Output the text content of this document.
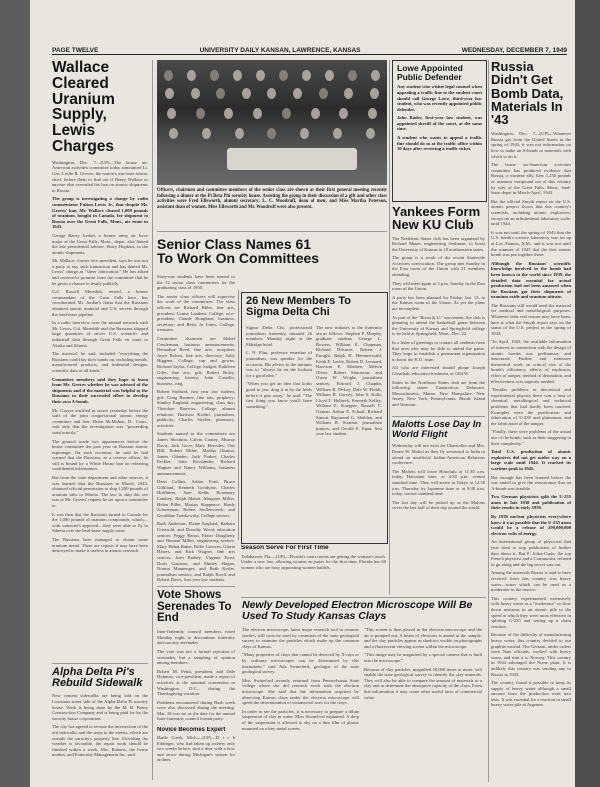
PAGE TWELVE	UNIVERSITY DAILY KANSAN, LAWRENCE, KANSAS	WEDNESDAY, DECEMBER 7, 1949
Wallace Cleared Uranium Supply, Lewis Charges

Washington, Dec. 7—(UP)—The house un-American activities committee today announced Lt. Gen. Leslie R. Groves, the nation's war-time atomic chief, before them to find out if Henry Wallace or anyone else overruled his ban on atomic shipments to Russia.

The group is investigating a charge by radio commentator Fulton Lewis Jr., that despite Mr. Groves' ban, Mr. Wallace cleared 1,000 pounds of uranium, bought in Canada, for shipment to Russia over the Great Falls, Mont., air route in 1943.

George Racey Jordan, a former army air force major at the Great Falls, Mont., depot, also linked the late presidential adviser, Harry Hopkins, to the atomic shipments.

Mr. Wallace, former vice president, says he was not a party to any such transaction and has denied Mr. Lewis' charge as "sheer fabrication." He has asked and received a promise from the committee that he be given a chance to testify publicly.

Col. Russell Meredith, retired, a former commandant of the Great Falls base, has corroborated Mr. Jordan's claim that the Russians obtained atomic material and U.S. secrets through the lend-lease pipeline.

In a radio interview over the mutual network with Mr. Lewis, Col. Meredith said the Russians shipped large quantities of secret U.S. scientific and industrial data through Great Falls en route to Alaska and Siberia.

The material, he said, included "everything the Russians could lay their hands on, including metals, manufactured products, and industrial designs, scientific data of all kinds."

Committee members said they hope to learn from Mr. Groves whether he was advised of the shipments and if the material was helpful to the Russians in their successful effort to develop their own A-bomb.

Mr. Groves testified in secret yesterday before the staff of the joint congressional atomic energy committee and Sen. Brien McMahon, D., Conn., said only that the investigation was "proceeding satisfactorily."

The general made two appearances before the house committee the past year on Russian atomic espionage. On each occasion, he said he had warned that the Russians, as a reserve officer, he still is bound by a White House ban on releasing confidential information.

But from the state department and other sources, it was learned that the Russians in March, 1943, obtained official permission to ship 1,200 pounds of uranium salts to Siberia. The law to ship this ore was at Mr. Groves' request he set upon a committee to.

It was then that the Russians turned to Canada for the 1,000 pounds of uranium compounds, which—with someone's approval—they were able to fly to Siberia over the lend-lease supply route.

The Russians later managed to obtain some uranium metal. There are reports it may have been destroyed to make it useless in atomic research.

Alpha Delta Pi's Rebuild Sidewalk

New cement sidewalks are being laid on the Louisiana street side of the Alpha Delta Pi sorority house. Work is being done by the M. B. Penny Construction Company and is being paid for by the sorority house corporation.

The city has agreed to reroute the intersection of the old sidewalks and the steps to the streets, which are outside the sorority's property line. Providing the weather is favorable, the repair work should be finished within a week, Mrs. Roberts, the house mother, and Fraternity Management Inc. said.

Officers, chairmen and committee members of the senior class are shown at their first general meeting recently following a dinner at the Pi Beta Phi sorority house. Assisting the group in their discussion of a gift and other class activities were Fred Ellsworth, alumni secretary; L. C. Woodruff, dean of men; and Miss Martha Peterson, assistant dean of women. Miss Ellsworth and Mr. Woodruff were also present.

Senior Class Names 61 To Work On Committees

Sixty-one students have been named to the 12 senior class committees for the graduating class of 1950.

The senior class officers will supervise the work of the committees. The class officers are Richard Bliler, fine arts, president; Louise Lambert, College, vice-president; Claude Houghton, business, secretary; and Betty Jo Jones, College, treasurer.

Committee chairmen are Mabel Cenderman, business announcements; Bernadine Reed, fine arts, reception; Joyce Robert, fine arts, directory; Sally Higgens, College, cap and gowns; Richard Taylor, College, budget; Kathleen Giles, fine arts, gift; Robert Boley, engineering, history; John Costello, business, ring.

Robert Stofford, first year law student, gift; Craig Baumer, fine arts, prophecy; Stanley England, engineering, class day; Theodore Barrows, College, alumni relations; Harrison Koehn, journalism, publicity; Charles Stryker, pharmacy, activities.

Students named to the committees are James Stockton, Calvin Causey, Murray Davis, Jack Gove, Mary Hercules, Otis Hill, Robert Milne, Martha Ottmon, James Olander, Jack Parker, Charles Peckler, John Rosslander, Richard Wagner and Nancy Williams, business announcements.

Dean Collins, Arthur Ford, Bruce Gilliland, Kenneth Goodyear, Charles Hoffhines, Jane Keith, Rosemary Landrey, Ralph Malott, Margaret Miller, Helen Piller, Marian Slappence, Hardy Schoenman, Robert Stollenwerck, and Geraldine Trankowsky, College seniors.

Ruth Anderson, Elaine England, Barbara Griswold, and Dorothy Wood, education seniors; Peggy Baron, Elmer Dougherty and Herman Miller, engineering seniors; Mary Helen Baker, Billie Greaves, Gloria Hawes, and Kirk Wagner, fine arts seniors; Joan Brahey, Virginia Frost, Doris Garrison, and Shirley Hogan, Norma Mannenger, and Ruth Keifer, journalism seniors; and Ralph Brock and Robert Davis, first year law students.

Vote Shows Serenades To End

Inter-fraternity council members voted Monday night to discontinue fraternity and sorority serenades.

The vote was not a formal rejection of serenades, but a sampling of opinion among members.

Robert M. Pettit, president, and Dale Hohman, vice-president, made a report of activities at the national convention in Washington, D.C., during the Thanksgiving vacation.

Problems encountered during Rush week were also discussed during the meeting. Mar. 18 was set as the date for the annual Inter-fraternity council formal party.

Novice Becomes Expert

Battle Creek, Mich.—(UP)—D i c k Eddinger, who had taken up archery only two weeks before, shot a deer with a bow and arrow during Michigan's season for archers.

26 New Members To Sigma Delta Chi

Sigma Delta Chi, professional journalism fraternity, initiated 26 members Monday night at the Eldridge hotel.

L. N. Flint, professor emeritus of journalism, was speaker for the occasion. His advice to the initiates was to "always be on the lookout for a good idea."

"When you get an idea that looks good to you, drag it in by the heels before it gets away," he said. "The first thing you know you'll have something."

The new initiates to the fraternity are as follows: Stephen P. Murphy, graduate student; George L. Bowers, William E. Chapman, Richard Dilsaver, Robert J. Enright, Ralph H. Hemmerwald, Keith E. Leslie, Robert D. Leonard, Harrison E. Menken, Melvin Oliver, Robert Simonson, and Owen W. Wright, journalism seniors; Edward J. Chaplin, William R. DeLay, Dale W. Fields, William R. Garvey, John S. Kollr, Lloyd T. Holbeck, Kenneth Kelley, William E. Knepper, Russell C. Oxman, Arthur E. Schaaf, Richard Simon, Raymond G. Sheldon, and William B. Stratton, journalism juniors; and Gerald E. Egan, first year law student.

Season Serve For First Time

Tallahassee, Fla.—(UP)—Florida's court rooms are getting the woman's touch. Under a new law, allowing women on juries for the first time, Florida has 60 women who are busy appointing women bailiffs.

Newly Developed Electron Microscope Will Be Used To Study Kansas Clays

The electron microscope, latest major research tool in ceramic studies, will soon be used by ceramists of the state geological survey to examine the particles which make up the common clays of Kansas.

"Many properties of clays that cannot be detected by X-rays or by ordinary microscopes can be determined by this instrument," said Ada Swineford, geologist of the state geological survey.

Miss Swineford recently returned from Pennsylvania State college where she did research work with the electron microscope. She said that the information acquired by observing Kansas clays under the electron microscope will speed the determination of commercial uses for the clays.

In order to see the particles, it is necessary to prepare a dilute suspension of clay in water. Miss Swineford explained. A drop of the suspension is allowed to dry on a thin film of plastic mounted on a tiny metal screen.

"This screen is then placed in the electron microscope and the air is pumped out. A beam of electrons is aimed at the sample, and the clay particles appear as shadows visible on photographs and a fluorescent viewing screen within the microscope.

"This image may be magnified by a special camera that is built into the microscope."

Because of clay particles, magnified 50,000 times or more, will enable the state geological survey to identify the clay minerals. They will also be able to compare the amount of materials in a clay and to determine the absorptive capacity of the clays. From this information it may come other useful facts of commercial value.

Lowe Appointed Public Defender

Any student who wishes legal counsel when appealing a traffic fine to the student court should call George Lowe, third-year law student, who was recently appointed public defender.

John Rader, first-year law student, was appointed sheriff of the court, at the same time.

A student who wants to appeal a traffic fine should do so at the traffic office within 10 days after receiving a traffic ticket.

Yankees Form New KU Club

The Northeast States club has been organized by Richard Mauer, engineering freshman, to boost the University of Kansas in 10 northeastern states.

The group is a result of the recent Statewide Activities convocation. The group met Sunday in the East room of the Union with 21 members attending.

They will meet again at 3 p.m. Sunday in the East room of the Union.

A party has been planned for Friday, Jan. 13, in the Kansas room of the Union. As yet the plans are incomplete.

As part of the "Boost K.U." movement, the club is planning to attend the basketball game between the University of Kansas and Springfield college to be held at Springfield, Mass., Dec. 22.

In a letter of greetings to contact all students from that area who may be able to attend the game. They hope to establish a permanent organization to boost the K.U. team.

All who are interested should phone Joseph Glauchak, education freshman, at 1261W.

States in the Northeast States club are from the following states: Connecticut, Delaware, Massachusetts, Maine, New Hampshire, New Jersey, New York, Pennsylvania, Rhode Island and Vermont.

Malotts Lose Day In World Flight

Wednesday will not exist for Chancellor and Mrs. Deane W. Malott as they fly westward to India to attend an unofficial Indian-American Relations conference.

The Malotts will leave Honolulu at 11:30 a.m. today, Hawaiian time, or 4:30 p.m. central standard time. They will arrive in Tokyo at 12:30 a.m. Thursday by Japanese time or at 9:30 a.m. today, central standard time.

The lost day will be picked up as the Malotts cover the last half of their trip around the world.

Russia Didn't Get Bomb Data, Materials In '43

Washington, Dec. 7—(UP)—Whatever Russia got from the United States in the spring of 1943, it was not information on how to make an A-bomb or materials with which to do it.

The house un-American activities committee has produced evidence that Russia, a wartime ally, flew 1,250 pounds of uranium compound out of this country by way of the Great Falls, Mont., lend-lease depot in March-April, 1943.

But the official Smyth report on the U.S. atomic project shows that this country's scientists, including atomic explosives, except on an infinitesimal laboratory scale, until 1944.

It was not until the spring of 1943 that the U.S. bomb's science laboratory was set up at Los Alamos, N.M., and it was not until the summer of 1945 that the first atomic bomb was put together there.

Although the Russians' scientific knowledge involved in the bomb had been known to the world since 1939, the detailed data essential for actual production had not been amassed when the Russians got their shipments of uranium oxide and uranium nitrate.

The Russians still would need the material for medical and metallurgical purposes. Whatever their real reason may have been, here is what the Smyth report says on the status of the U.S. project in the spring of 1943:

"In April, 1943, the available information of interest in connection with the design of atomic bombs was preliminary and inaccurate. Further and extensive theoretical work on critical size of the bomb's efficiency, effects of explosion, effect of tamper, method of detonation, and effectiveness was urgently needed.

"Besides problems in theoretical and experimental physics there was a host of chemical, metallurgical and technical problems that had hardly been touched. Examples were the purification and fabrication of U-235 and plutonium, and the fabrication of the tamper.

"Finally, there were problems of the actual use of the bomb, such as their staggering in their complexity."

Total U.S. production of atomic explosives did not get under way on a large scale until 1944. It reached its wartime peak in 1945.

But enough has been learned before the war ended to give the reassurance that an A-bomb was feasible.

Two German physicists split the U-235 atom in late 1938 and publication of their results in early 1939.

By 1939 nuclear physicists everywhere knew it was possible that the U-235 atom would be a release of 200,000,000 electron volts of energy.

An international group of physicists that year tried to stop publication of further data about it. But F. Joliot-Curie, the top French physicist and a Communist, refused to go along and the big secret was out.

Among the materials Russia is said to have received from this country was heavy water—water which can be used as a moderator in the reactor.

This country experimented extensively with heavy water as a "moderator" to slow down neutrons in an atomic pile to the speed at which they were most effective in splitting U-235 and setting up a chain reaction.

Because of the difficulty of manufacturing heavy water, this country decided to use graphite instead. The German, under orders from Nazi officials, worked with heavy water, and sent it to Norway. This country in 1944 sabotaged the Norse plant. It is unlikely this country was sending any to Russia in 1943.

The country found it possible to keep its supply of heavy water although a small amount from the production went into tests. It was essential for a reaction in small heavy water pile at Argonne.
